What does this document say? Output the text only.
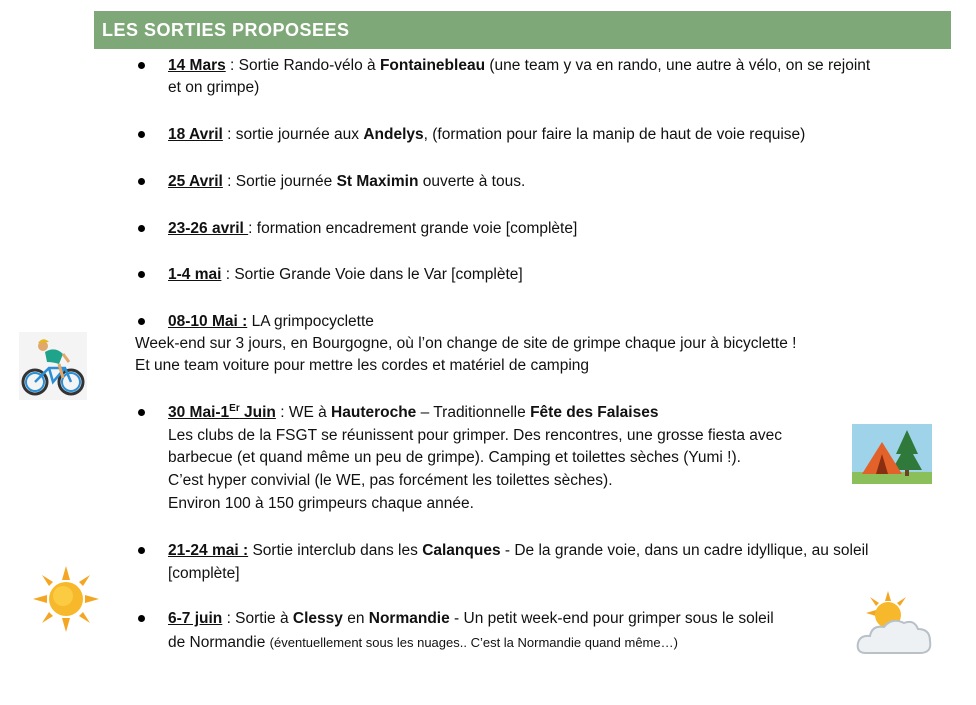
LES SORTIES PROPOSEES
14 Mars : Sortie Rando-vélo à Fontainebleau (une team y va en rando, une autre à vélo, on se rejoint
et on grimpe)
18 Avril : sortie journée aux Andelys, (formation pour faire la manip de haut de voie requise)
25 Avril : Sortie journée St Maximin ouverte à tous.
23-26 avril : formation encadrement grande voie [complète]
1-4 mai : Sortie Grande Voie dans le Var [complète]
08-10 Mai : LA grimpocyclette
Week-end sur 3 jours, en Bourgogne, où l’on change de site de grimpe chaque jour à bicyclette !
Et une team voiture pour mettre les cordes et matériel de camping
30 Mai-1Er Juin : WE à Hauteroche – Traditionnelle Fête des Falaises
Les clubs de la FSGT se réunissent pour grimper. Des rencontres, une grosse fiesta avec
barbecue (et quand même un peu de grimpe). Camping et toilettes sèches (Yumi !).
C’est hyper convivial (le WE, pas forcément les toilettes sèches).
Environ 100 à 150 grimpeurs chaque année.
21-24 mai : Sortie interclub dans les Calanques - De la grande voie, dans un cadre idyllique, au soleil
[complète]
6-7 juin : Sortie à Clessy en Normandie - Un petit week-end pour grimper sous le soleil
de Normandie (éventuellement sous les nuages.. C’est la Normandie quand même…)
